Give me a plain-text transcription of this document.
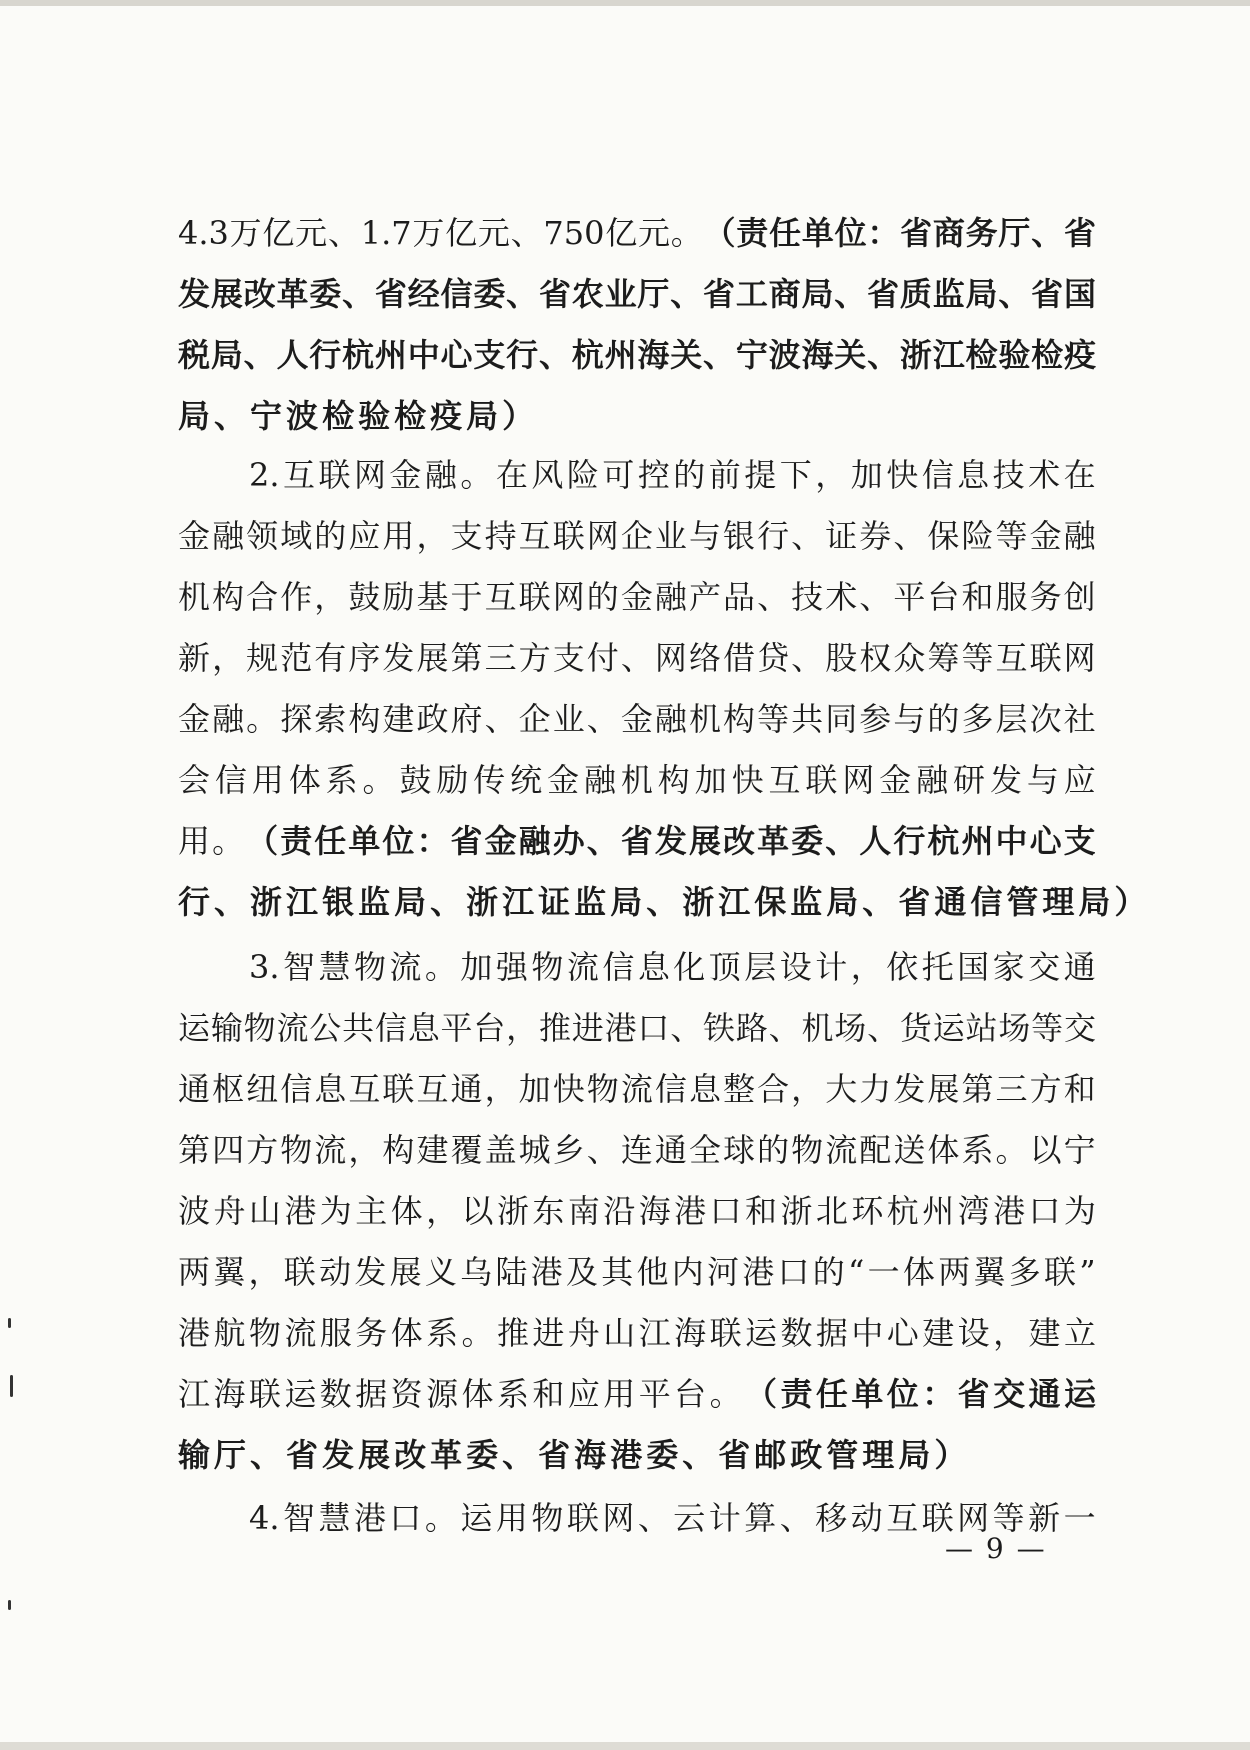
4.3 万 亿 元 、 1.7 万 亿 元 、 750 亿 元 。 （ 责 任 单 位 ： 省 商 务 厅 、 省
发 展 改 革 委 、 省 经 信 委 、 省 农 业 厅 、 省 工 商 局 、 省 质 监 局 、 省 国
税 局 、 人 行 杭 州 中 心 支 行 、 杭 州 海 关 、 宁 波 海 关 、 浙 江 检 验 检 疫
局 、 宁 波 检 验 检 疫 局 ）

2. 互 联 网 金 融 。 在 风 险 可 控 的 前 提 下 ， 加 快 信 息 技 术 在
金 融 领 域 的 应 用 ， 支 持 互 联 网 企 业 与 银 行 、 证 券 、 保 险 等 金 融
机 构 合 作 ， 鼓 励 基 于 互 联 网 的 金 融 产 品 、 技 术 、 平 台 和 服 务 创
新 ， 规 范 有 序 发 展 第 三 方 支 付 、 网 络 借 贷 、 股 权 众 筹 等 互 联 网
金 融 。 探 索 构 建 政 府 、 企 业 、 金 融 机 构 等 共 同 参 与 的 多 层 次 社
会 信 用 体 系 。 鼓 励 传 统 金 融 机 构 加 快 互 联 网 金 融 研 发 与 应
用 。 （ 责 任 单 位 ： 省 金 融 办 、 省 发 展 改 革 委 、 人 行 杭 州 中 心 支
行 、 浙 江 银 监 局 、 浙 江 证 监 局 、 浙 江 保 监 局 、 省 通 信 管 理 局 ）

3. 智 慧 物 流 。 加 强 物 流 信 息 化 顶 层 设 计 ， 依 托 国 家 交 通
运 输 物 流 公 共 信 息 平 台 ， 推 进 港 口 、 铁 路 、 机 场 、 货 运 站 场 等 交
通 枢 纽 信 息 互 联 互 通 ， 加 快 物 流 信 息 整 合 ， 大 力 发 展 第 三 方 和
第 四 方 物 流 ， 构 建 覆 盖 城 乡 、 连 通 全 球 的 物 流 配 送 体 系 。 以 宁
波 舟 山 港 为 主 体 ， 以 浙 东 南 沿 海 港 口 和 浙 北 环 杭 州 湾 港 口 为
两 翼 ， 联 动 发 展 义 乌 陆 港 及 其 他 内 河 港 口 的 “ 一 体 两 翼 多 联 ”
港 航 物 流 服 务 体 系 。 推 进 舟 山 江 海 联 运 数 据 中 心 建 设 ， 建 立
江 海 联 运 数 据 资 源 体 系 和 应 用 平 台 。 （ 责 任 单 位 ： 省 交 通 运
输 厅 、 省 发 展 改 革 委 、 省 海 港 委 、 省 邮 政 管 理 局 ）

4. 智 慧 港 口 。 运 用 物 联 网 、 云 计 算 、 移 动 互 联 网 等 新 一
— 9 —
